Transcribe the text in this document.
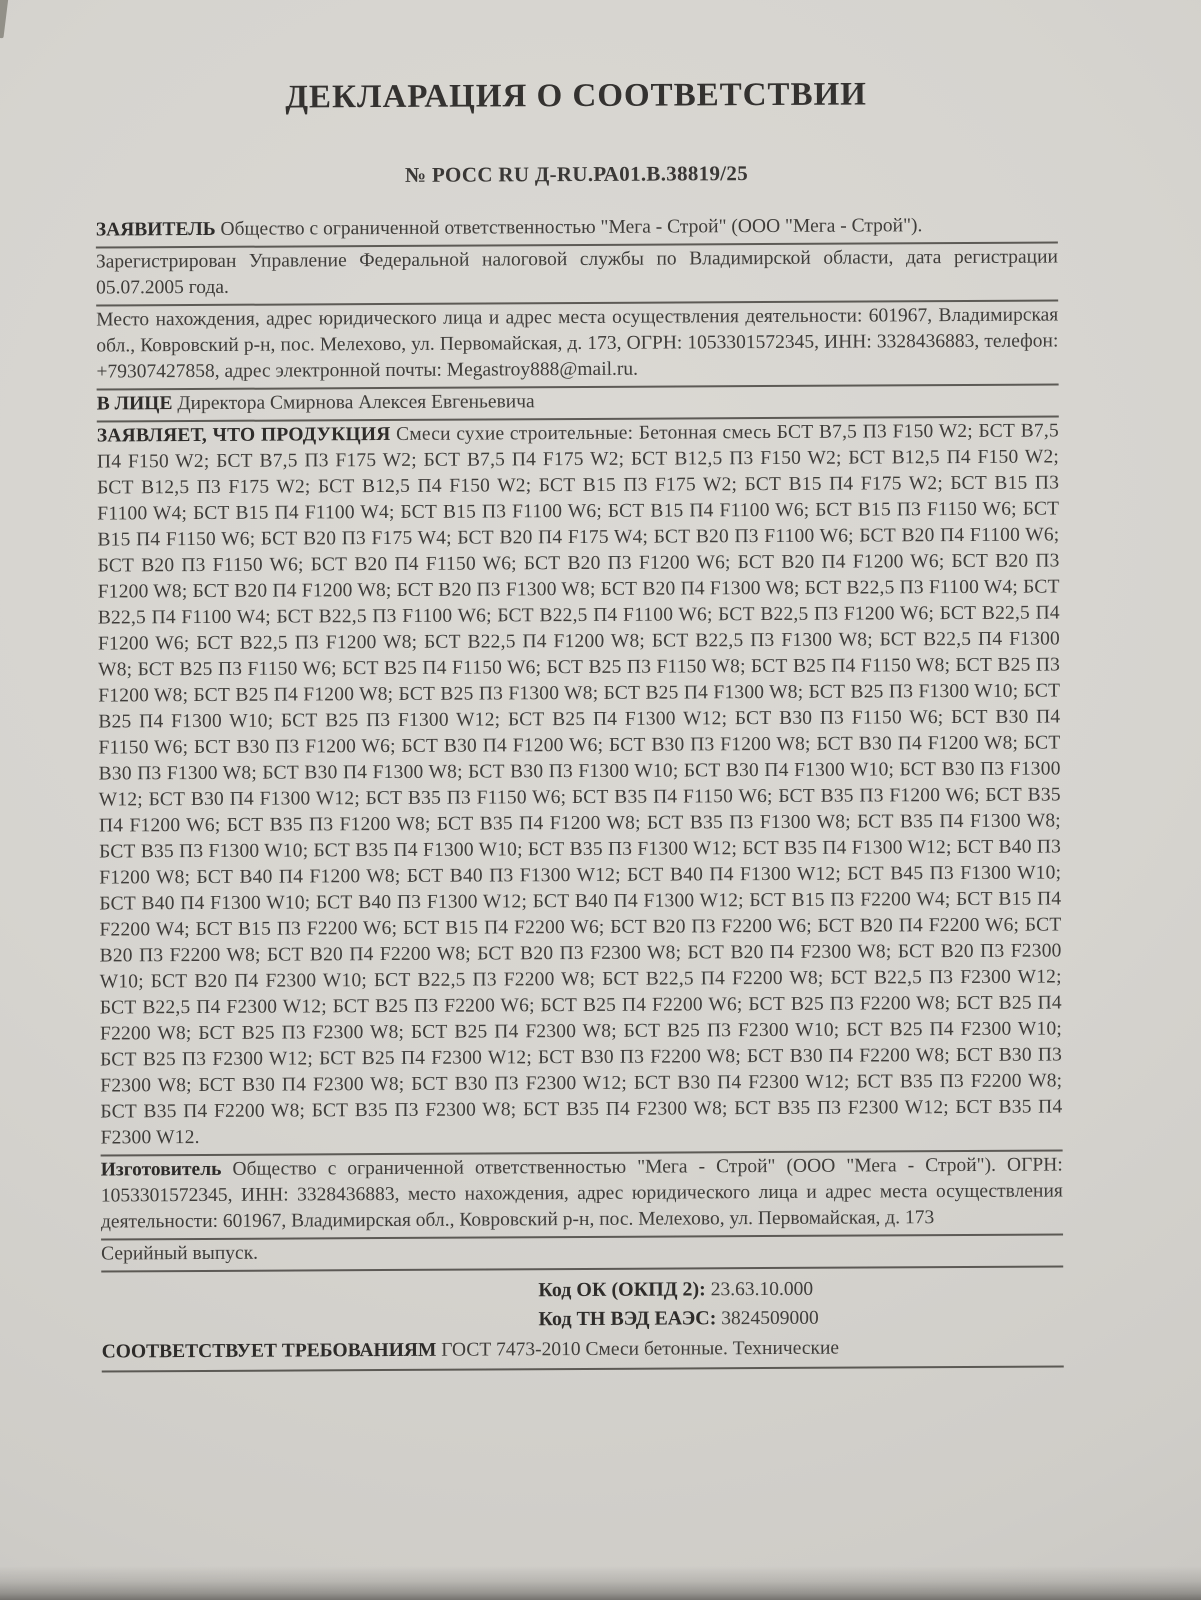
ДЕКЛАРАЦИЯ О СООТВЕТСТВИИ
№ РОСС RU Д-RU.РА01.В.38819/25

ЗАЯВИТЕЛЬ Общество с ограниченной ответственностью "Мега - Строй" (ООО "Мега - Строй").

Зарегистрирован Управление Федеральной налоговой службы по Владимирской области, дата регистрации 05.07.2005 года.

Место нахождения, адрес юридического лица и адрес места осуществления деятельности: 601967, Владимирская обл., Ковровский р-н, пос. Мелехово, ул. Первомайская, д. 173, ОГРН: 1053301572345, ИНН: 3328436883, телефон: +79307427858, адрес электронной почты: Megastroy888@mail.ru.

В ЛИЦЕ Директора Смирнова Алексея Евгеньевича

ЗАЯВЛЯЕТ, ЧТО ПРОДУКЦИЯ Смеси сухие строительные: Бетонная смесь БСТ В7,5 П3 F150 W2; БСТ В7,5 П4 F150 W2; БСТ В7,5 П3 F175 W2; БСТ В7,5 П4 F175 W2; БСТ В12,5 П3 F150 W2; БСТ В12,5 П4 F150 W2; БСТ В12,5 П3 F175 W2; БСТ В12,5 П4 F150 W2; БСТ В15 П3 F175 W2; БСТ В15 П4 F175 W2; БСТ В15 П3 F1100 W4; БСТ В15 П4 F1100 W4; БСТ В15 П3 F1100 W6; БСТ В15 П4 F1100 W6; БСТ В15 П3 F1150 W6; БСТ В15 П4 F1150 W6; БСТ В20 П3 F175 W4; БСТ В20 П4 F175 W4; БСТ В20 П3 F1100 W6; БСТ В20 П4 F1100 W6; БСТ В20 П3 F1150 W6; БСТ В20 П4 F1150 W6; БСТ В20 П3 F1200 W6; БСТ В20 П4 F1200 W6; БСТ В20 П3 F1200 W8; БСТ В20 П4 F1200 W8; БСТ В20 П3 F1300 W8; БСТ В20 П4 F1300 W8; БСТ В22,5 П3 F1100 W4; БСТ В22,5 П4 F1100 W4; БСТ В22,5 П3 F1100 W6; БСТ В22,5 П4 F1100 W6; БСТ В22,5 П3 F1200 W6; БСТ В22,5 П4 F1200 W6; БСТ В22,5 П3 F1200 W8; БСТ В22,5 П4 F1200 W8; БСТ В22,5 П3 F1300 W8; БСТ В22,5 П4 F1300 W8; БСТ В25 П3 F1150 W6; БСТ В25 П4 F1150 W6; БСТ В25 П3 F1150 W8; БСТ В25 П4 F1150 W8; БСТ В25 П3 F1200 W8; БСТ В25 П4 F1200 W8; БСТ В25 П3 F1300 W8; БСТ В25 П4 F1300 W8; БСТ В25 П3 F1300 W10; БСТ В25 П4 F1300 W10; БСТ В25 П3 F1300 W12; БСТ В25 П4 F1300 W12; БСТ В30 П3 F1150 W6; БСТ В30 П4 F1150 W6; БСТ В30 П3 F1200 W6; БСТ В30 П4 F1200 W6; БСТ В30 П3 F1200 W8; БСТ В30 П4 F1200 W8; БСТ В30 П3 F1300 W8; БСТ В30 П4 F1300 W8; БСТ В30 П3 F1300 W10; БСТ В30 П4 F1300 W10; БСТ В30 П3 F1300 W12; БСТ В30 П4 F1300 W12; БСТ В35 П3 F1150 W6; БСТ В35 П4 F1150 W6; БСТ В35 П3 F1200 W6; БСТ В35 П4 F1200 W6; БСТ В35 П3 F1200 W8; БСТ В35 П4 F1200 W8; БСТ В35 П3 F1300 W8; БСТ В35 П4 F1300 W8; БСТ В35 П3 F1300 W10; БСТ В35 П4 F1300 W10; БСТ В35 П3 F1300 W12; БСТ В35 П4 F1300 W12; БСТ В40 П3 F1200 W8; БСТ В40 П4 F1200 W8; БСТ В40 П3 F1300 W12; БСТ В40 П4 F1300 W12; БСТ В45 П3 F1300 W10; БСТ В40 П4 F1300 W10; БСТ В40 П3 F1300 W12; БСТ В40 П4 F1300 W12; БСТ В15 П3 F2200 W4; БСТ В15 П4 F2200 W4; БСТ В15 П3 F2200 W6; БСТ В15 П4 F2200 W6; БСТ В20 П3 F2200 W6; БСТ В20 П4 F2200 W6; БСТ В20 П3 F2200 W8; БСТ В20 П4 F2200 W8; БСТ В20 П3 F2300 W8; БСТ В20 П4 F2300 W8; БСТ В20 П3 F2300 W10; БСТ В20 П4 F2300 W10; БСТ В22,5 П3 F2200 W8; БСТ В22,5 П4 F2200 W8; БСТ В22,5 П3 F2300 W12; БСТ В22,5 П4 F2300 W12; БСТ В25 П3 F2200 W6; БСТ В25 П4 F2200 W6; БСТ В25 П3 F2200 W8; БСТ В25 П4 F2200 W8; БСТ В25 П3 F2300 W8; БСТ В25 П4 F2300 W8; БСТ В25 П3 F2300 W10; БСТ В25 П4 F2300 W10; БСТ В25 П3 F2300 W12; БСТ В25 П4 F2300 W12; БСТ В30 П3 F2200 W8; БСТ В30 П4 F2200 W8; БСТ В30 П3 F2300 W8; БСТ В30 П4 F2300 W8; БСТ В30 П3 F2300 W12; БСТ В30 П4 F2300 W12; БСТ В35 П3 F2200 W8; БСТ В35 П4 F2200 W8; БСТ В35 П3 F2300 W8; БСТ В35 П4 F2300 W8; БСТ В35 П3 F2300 W12; БСТ В35 П4 F2300 W12.

Изготовитель Общество с ограниченной ответственностью "Мега - Строй" (ООО "Мега - Строй"). ОГРН: 1053301572345, ИНН: 3328436883, место нахождения, адрес юридического лица и адрес места осуществления деятельности: 601967, Владимирская обл., Ковровский р-н, пос. Мелехово, ул. Первомайская, д. 173

Серийный выпуск.

Код ОК (ОКПД 2): 23.63.10.000
Код ТН ВЭД ЕАЭС: 3824509000

СООТВЕТСТВУЕТ ТРЕБОВАНИЯМ ГОСТ 7473-2010 Смеси бетонные. Технические
